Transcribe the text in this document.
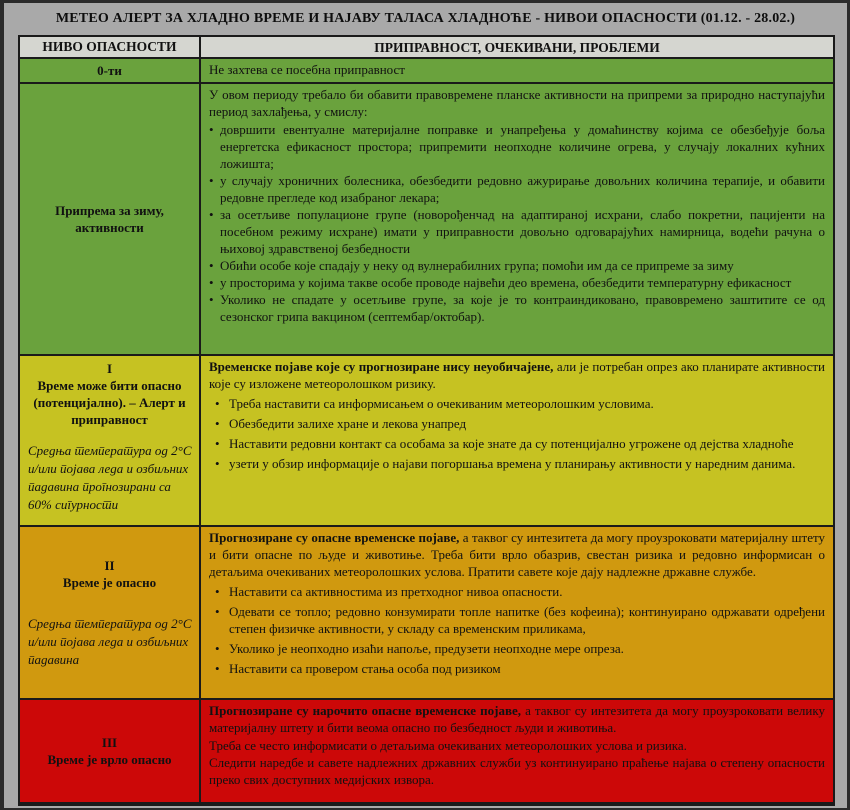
МЕТЕО АЛЕРТ ЗА ХЛАДНО ВРЕМЕ И НАЈАВУ ТАЛАСА ХЛАДНОЋЕ - НИВОИ ОПАСНОСТИ (01.12. - 28.02.)
НИВО ОПАСНОСТИ	ПРИПРАВНОСТ, ОЧЕКИВАНИ, ПРОБЛЕМИ
0-ти	Не захтева се посебна приправност

Припрема за зиму, активности

У овом периоду требало би обавити правовремене планске активности на припреми за природно наступајући период захлађења, у смислу:

• довршити евентуалне материјалне поправке и унапређења у домаћинству којима се обезбеђује боља енергетска ефикасност простора; припремити неопходне количине огрева, у случају локалних кућних ложишта;
• у случају хроничних болесника, обезбедити редовно ажурирање довољних количина терапије, и обавити редовне прегледе код изабраног лекара;
• за осетљиве популационе групе (новорођенчад на адаптираној исхрани, слабо покретни, пацијенти на посебном режиму исхране) имати у приправности довољно одговарајућих намирница, водећи рачуна о њиховој здравственој безбедности
• Обићи особе које спадају у неку од вулнерабилних група; помоћи им да се припреме за зиму
• у просторима у којима такве особе проводе највећи део времена, обезбедити температурну ефикасност
• Уколико не спадате у осетљиве групе, за које је то контраиндиковано, правовремено заштитите се од сезонског грипа вакцином (септембар/октобар).
I
Време може бити опасно (потенцијално). – Алерт и приправност
Средња температура од 2°С и/или појава леда и озбиљних падавина прогнозирани са 60% сигурности

Временске појаве које су прогнозиране нису неуобичајене, али је потребан опрез ако планирате активности које су изложене метеоролошком ризику.

• Треба наставити са информисањем о очекиваним метеоролошким условима.
• Обезбедити залихе хране и лекова унапред
• Наставити редовни контакт са особама за које знате да су потенцијално угрожене од дејства хладноће
• узети у обзир информације о најави погоршања времена у планирању активности у наредним данима.
II
Време је опасно
Средња температура од 2°С и/или појава леда и озбиљних падавина

Прогнозиране су опасне временске појаве, а таквог су интезитета да могу проузроковати материјалну штету и бити опасне по људе и животиње. Треба бити врло обазрив, свестан ризика и редовно информисан о детаљима очекиваних метеоролошких услова. Пратити савете које дају надлежне државне службе.

• Наставити са активностима из претходног нивоа опасности.
• Одевати се топло; редовно конзумирати топле напитке (без кофеина); континуирано одржавати одређени степен физичке активности, у складу са временским приликама,
• Уколико је неопходно изаћи напоље, предузети неопходне мере опреза.
• Наставити са провером стања особа под ризиком
III
Време је врло опасно

Прогнозиране су нарочито опасне временске појаве, а таквог су интезитета да могу проузроковати велику материјалну штету и бити веома опасно по безбедност људи и животиња.

Треба се често информисати о детаљима очекиваних метеоролошких услова и ризика.
Следити наредбе и савете надлежних државних служби уз континуирано праћење најава о степену опасности преко свих доступних медијских извора.
